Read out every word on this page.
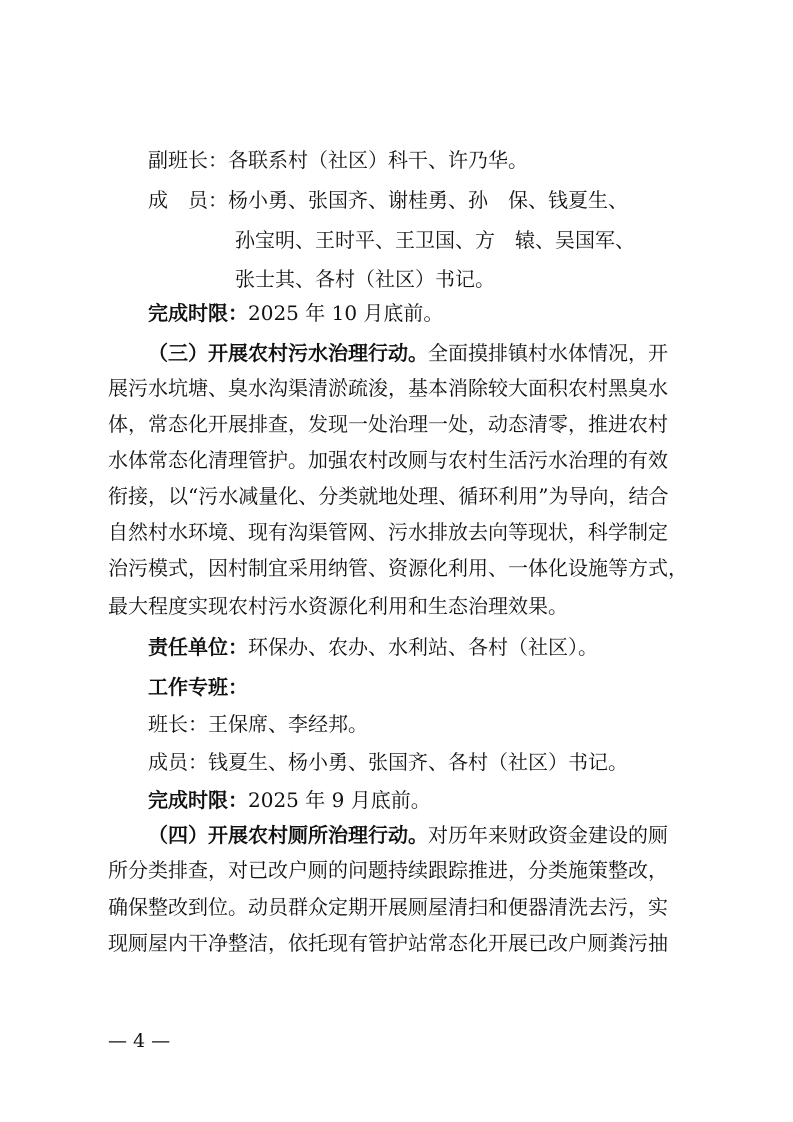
副班长：各联系村（社区）科干、许乃华。
成　员：杨小勇、张国齐、谢桂勇、孙　保、钱夏生、
孙宝明、王时平、王卫国、方　辕、吴国军、
张士其、各村（社区）书记。
完成时限：2025 年 10 月底前。
（三）开展农村污水治理行动。全面摸排镇村水体情况，开
展污水坑塘、臭水沟渠清淤疏浚，基本消除较大面积农村黑臭水
体，常态化开展排查，发现一处治理一处，动态清零，推进农村
水体常态化清理管护。加强农村改厕与农村生活污水治理的有效
衔接，以“污水减量化、分类就地处理、循环利用”为导向，结合
自然村水环境、现有沟渠管网、污水排放去向等现状，科学制定
治污模式，因村制宜采用纳管、资源化利用、一体化设施等方式，
最大程度实现农村污水资源化利用和生态治理效果。
责任单位：环保办、农办、水利站、各村（社区）。
工作专班：
班长：王保席、李经邦。
成员：钱夏生、杨小勇、张国齐、各村（社区）书记。
完成时限：2025 年 9 月底前。
（四）开展农村厕所治理行动。对历年来财政资金建设的厕
所分类排查，对已改户厕的问题持续跟踪推进，分类施策整改，
确保整改到位。动员群众定期开展厕屋清扫和便器清洗去污，实
现厕屋内干净整洁，依托现有管护站常态化开展已改户厕粪污抽
— 4 —
